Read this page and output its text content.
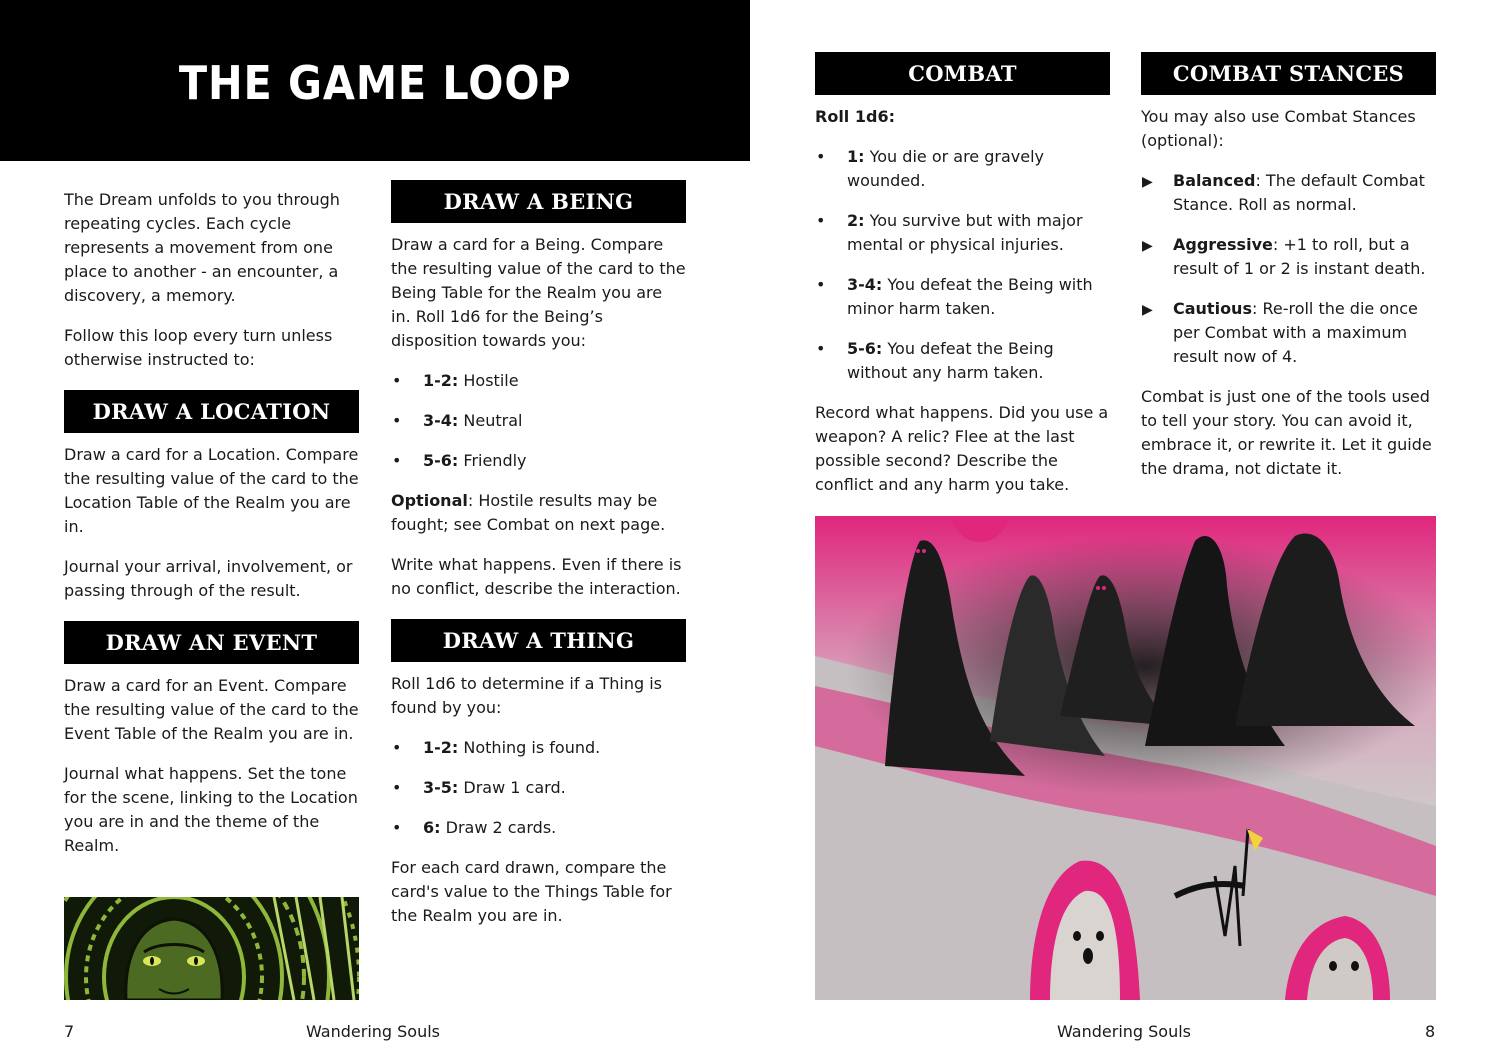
THE GAME LOOP

The Dream unfolds to you through repeating cycles. Each cycle represents a movement from one place to another - an encounter, a discovery, a memory.

Follow this loop every turn unless otherwise instructed to:

DRAW A LOCATION

Draw a card for a Location. Compare the resulting value of the card to the Location Table of the Realm you are in.

Journal your arrival, involvement, or passing through of the result.

DRAW AN EVENT

Draw a card for an Event. Compare the resulting value of the card to the Event Table of the Realm you are in.

Journal what happens. Set the tone for the scene, linking to the Location you are in and the theme of the Realm.

DRAW A BEING

Draw a card for a Being. Compare the resulting value of the card to the Being Table for the Realm you are in. Roll 1d6 for the Being’s disposition towards you:

• 1-2: Hostile
• 3-4: Neutral
• 5-6: Friendly

Optional: Hostile results may be fought; see Combat on next page.

Write what happens. Even if there is no conflict, describe the interaction.

DRAW A THING

Roll 1d6 to determine if a Thing is found by you:

• 1-2: Nothing is found.
• 3-5: Draw 1 card.
• 6: Draw 2 cards.

For each card drawn, compare the card's value to the Things Table for the Realm you are in.

COMBAT

Roll 1d6:

• 1: You die or are gravely wounded.
• 2: You survive but with major mental or physical injuries.
• 3-4: You defeat the Being with minor harm taken.
• 5-6: You defeat the Being without any harm taken.

Record what happens. Did you use a weapon? A relic? Flee at the last possible second? Describe the conflict and any harm you take.

COMBAT STANCES

You may also use Combat Stances (optional):

▶ Balanced: The default Combat Stance. Roll as normal.
▶ Aggressive: +1 to roll, but a result of 1 or 2 is instant death.
▶ Cautious: Re-roll the die once per Combat with a maximum result now of 4.

Combat is just one of the tools used to tell your story. You can avoid it, embrace it, or rewrite it. Let it guide the drama, not dictate it.

7	Wandering Souls	Wandering Souls	8
